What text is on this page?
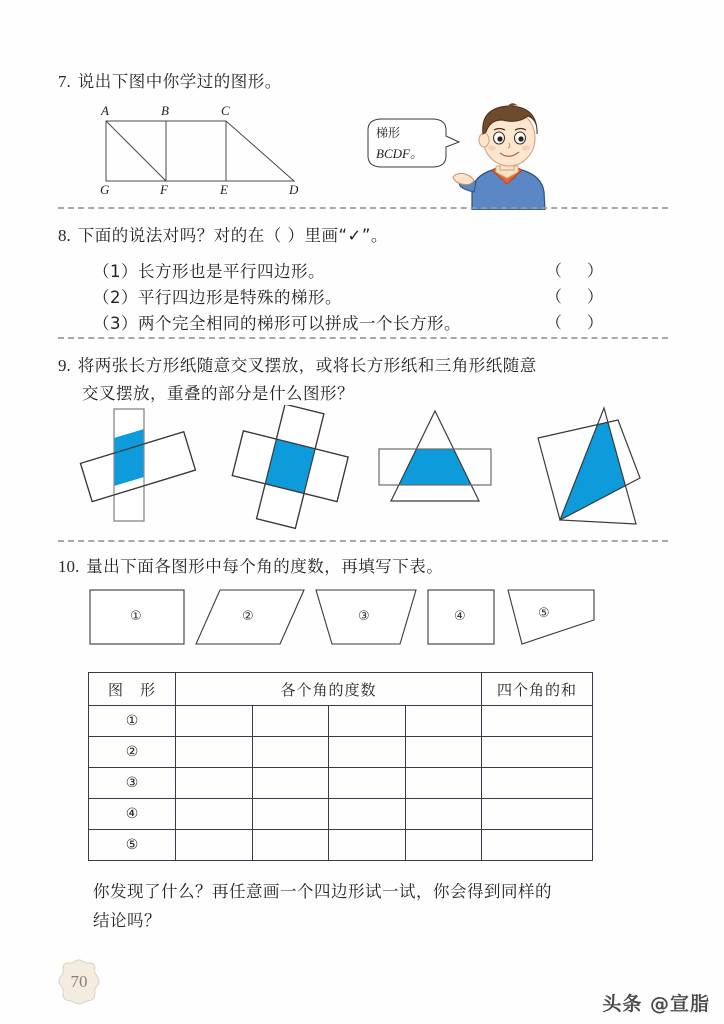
7. 说出下图中你学过的图形。
A	B	C
G	F	E	D
梯形
BCDF。
8. 下面的说法对吗？对的在（ ）里画“✓”。
（1） 长方形也是平行四边形。	（ ）
（2） 平行四边形是特殊的梯形。	（ ）
（3） 两个完全相同的梯形可以拼成一个长方形。	（ ）
9. 将两张长方形纸随意交叉摆放，或将长方形纸和三角形纸随意
交叉摆放，重叠的部分是什么图形？
10. 量出下面各图形中每个角的度数，再填写下表。
①	②	③	④	⑤
图　形	各个角的度数				四个角的和
①					
②					
③					
④					
⑤					
你发现了什么？再任意画一个四边形试一试，你会得到同样的
结论吗？
70
头条 @宣脂
